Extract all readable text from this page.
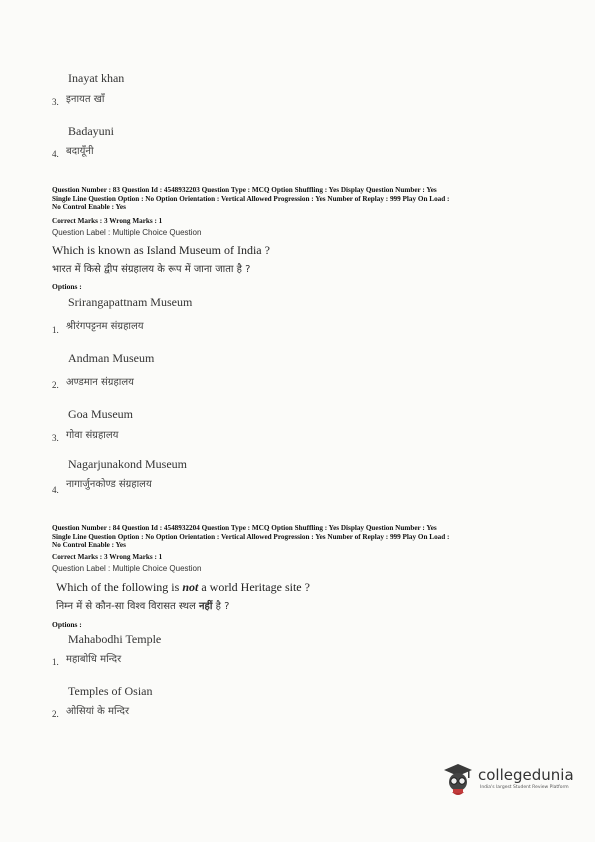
Inayat khan
3. इनायत खाँ
Badayuni
4. बदायूँनी
Question Number : 83 Question Id : 4548932203 Question Type : MCQ Option Shuffling : Yes Display Question Number : Yes
Single Line Question Option : No Option Orientation : Vertical Allowed Progression : Yes Number of Replay : 999 Play On Load :
No Control Enable : Yes
Correct Marks : 3 Wrong Marks : 1
Question Label : Multiple Choice Question
Which is known as Island Museum of India ?
भारत में किसे द्वीप संग्रहालय के रूप में जाना जाता है ?
Options :
Srirangapattnam Museum
1. श्रीरंगपट्टनम संग्रहालय
Andman Museum
2. अण्डमान संग्रहालय
Goa Museum
3. गोवा संग्रहालय
Nagarjunakond Museum
4. नागार्जुनकोण्ड संग्रहालय
Question Number : 84 Question Id : 4548932204 Question Type : MCQ Option Shuffling : Yes Display Question Number : Yes
Single Line Question Option : No Option Orientation : Vertical Allowed Progression : Yes Number of Replay : 999 Play On Load :
No Control Enable : Yes
Correct Marks : 3 Wrong Marks : 1
Question Label : Multiple Choice Question
Which of the following is not a world Heritage site ?
निम्न में से कौन-सा विश्व विरासत स्थल नहीं है ?
Options :
Mahabodhi Temple
1. महाबोधि मन्दिर
Temples of Osian
2. ओसियां के मन्दिर
collegedunia
India's largest Student Review Platform
